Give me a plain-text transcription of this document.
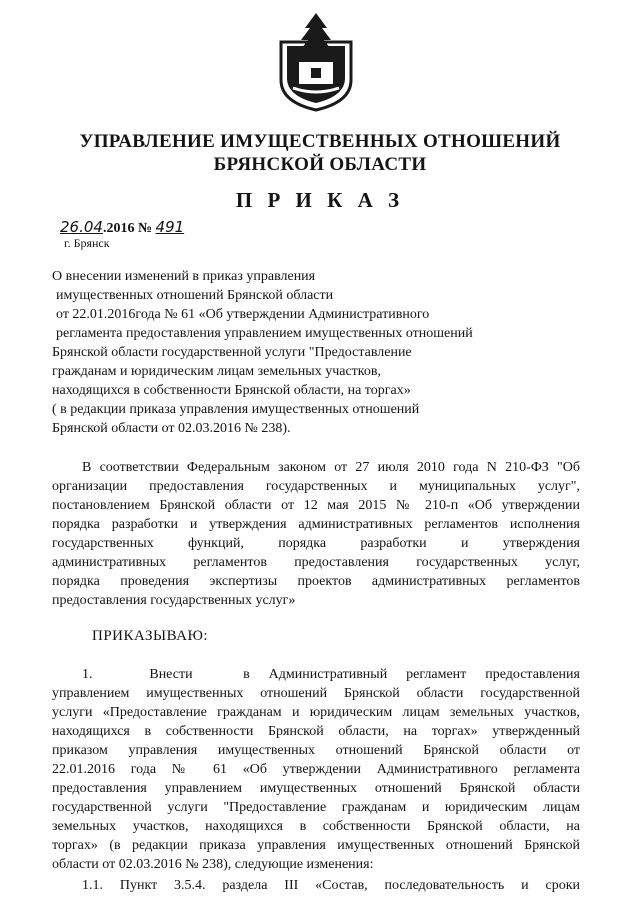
УПРАВЛЕНИЕ ИМУЩЕСТВЕННЫХ ОТНОШЕНИЙ
БРЯНСКОЙ ОБЛАСТИ
П Р И К А З
26.04.2016 № 491
г. Брянск
О внесении изменений в приказ управления
имущественных отношений Брянской области
от 22.01.2016года № 61 «Об утверждении Административного
регламента предоставления управлением имущественных отношений
Брянской области государственной услуги "Предоставление
гражданам и юридическим лицам земельных участков,
находящихся в собственности Брянской области, на торгах»
( в редакции приказа управления имущественных отношений
Брянской области от 02.03.2016 № 238).
В соответствии Федеральным законом от 27 июля 2010 года N 210-ФЗ "Об
организации предоставления государственных и муниципальных услуг",
постановлением Брянской области от 12 мая 2015 № 210-п «Об утверждении
порядка разработки и утверждения административных регламентов исполнения
государственных функций, порядка разработки и утверждения
административных регламентов предоставления государственных услуг,
порядка проведения экспертизы проектов административных регламентов
предоставления государственных услуг»
ПРИКАЗЫВАЮ:
1.         Внести        в   Административный   регламент   предоставления
управлением имущественных отношений Брянской области государственной
услуги «Предоставление гражданам и юридическим лицам земельных участков,
находящихся в собственности Брянской области, на торгах» утвержденный
приказом управления имущественных отношений Брянской области от
22.01.2016 года № 61 «Об утверждении Административного регламента
предоставления управлением имущественных отношений Брянской области
государственной услуги "Предоставление гражданам и юридическим лицам
земельных участков, находящихся в собственности Брянской области, на
торгах» (в редакции приказа управления имущественных отношений Брянской
области от 02.03.2016 № 238), следующие изменения:
1.1. Пункт 3.5.4. раздела III «Состав, последовательность и сроки
